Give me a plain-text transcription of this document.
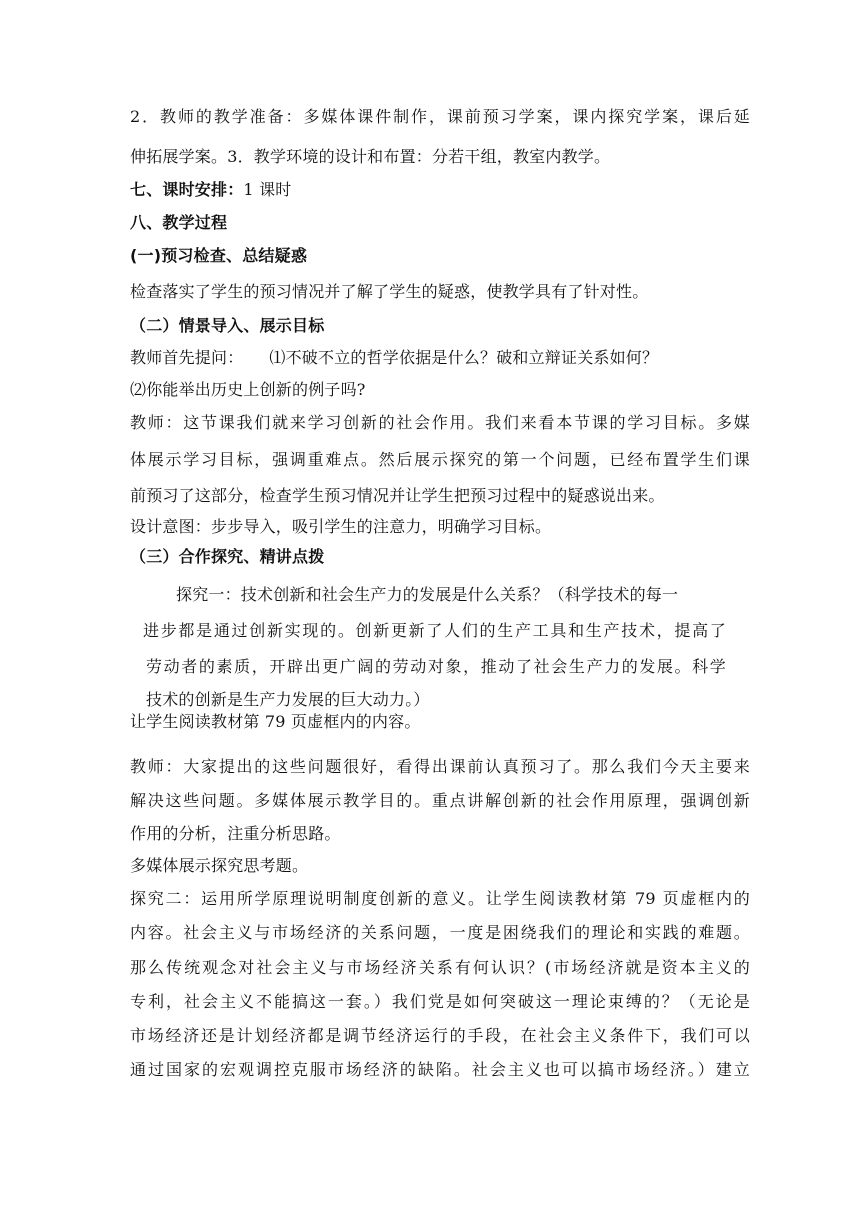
2．教师的教学准备：多媒体课件制作，课前预习学案，课内探究学案，课后延
伸拓展学案。3．教学环境的设计和布置：分若干组，教室内教学。
七、课时安排：1 课时
八、教学过程
(一)预习检查、总结疑惑
检查落实了学生的预习情况并了解了学生的疑惑，使教学具有了针对性。
（二）情景导入、展示目标
教师首先提问： ⑴不破不立的哲学依据是什么？破和立辩证关系如何？
⑵你能举出历史上创新的例子吗?
教师：这节课我们就来学习创新的社会作用。我们来看本节课的学习目标。多媒
体展示学习目标，强调重难点。然后展示探究的第一个问题，已经布置学生们课
前预习了这部分，检查学生预习情况并让学生把预习过程中的疑惑说出来。
设计意图：步步导入，吸引学生的注意力，明确学习目标。
（三）合作探究、精讲点拨
探究一：技术创新和社会生产力的发展是什么关系？（科学技术的每一
进步都是通过创新实现的。创新更新了人们的生产工具和生产技术，提高了
劳动者的素质，开辟出更广阔的劳动对象，推动了社会生产力的发展。科学
技术的创新是生产力发展的巨大动力。）
让学生阅读教材第 79 页虚框内的内容。
教师：大家提出的这些问题很好，看得出课前认真预习了。那么我们今天主要来
解决这些问题。多媒体展示教学目的。重点讲解创新的社会作用原理，强调创新
作用的分析，注重分析思路。
多媒体展示探究思考题。
探究二：运用所学原理说明制度创新的意义。让学生阅读教材第 79 页虚框内的
内容。社会主义与市场经济的关系问题，一度是困绕我们的理论和实践的难题。
那么传统观念对社会主义与市场经济关系有何认识？(市场经济就是资本主义的
专利，社会主义不能搞这一套。）我们党是如何突破这一理论束缚的？（无论是
市场经济还是计划经济都是调节经济运行的手段，在社会主义条件下，我们可以
通过国家的宏观调控克服市场经济的缺陷。社会主义也可以搞市场经济。）建立
